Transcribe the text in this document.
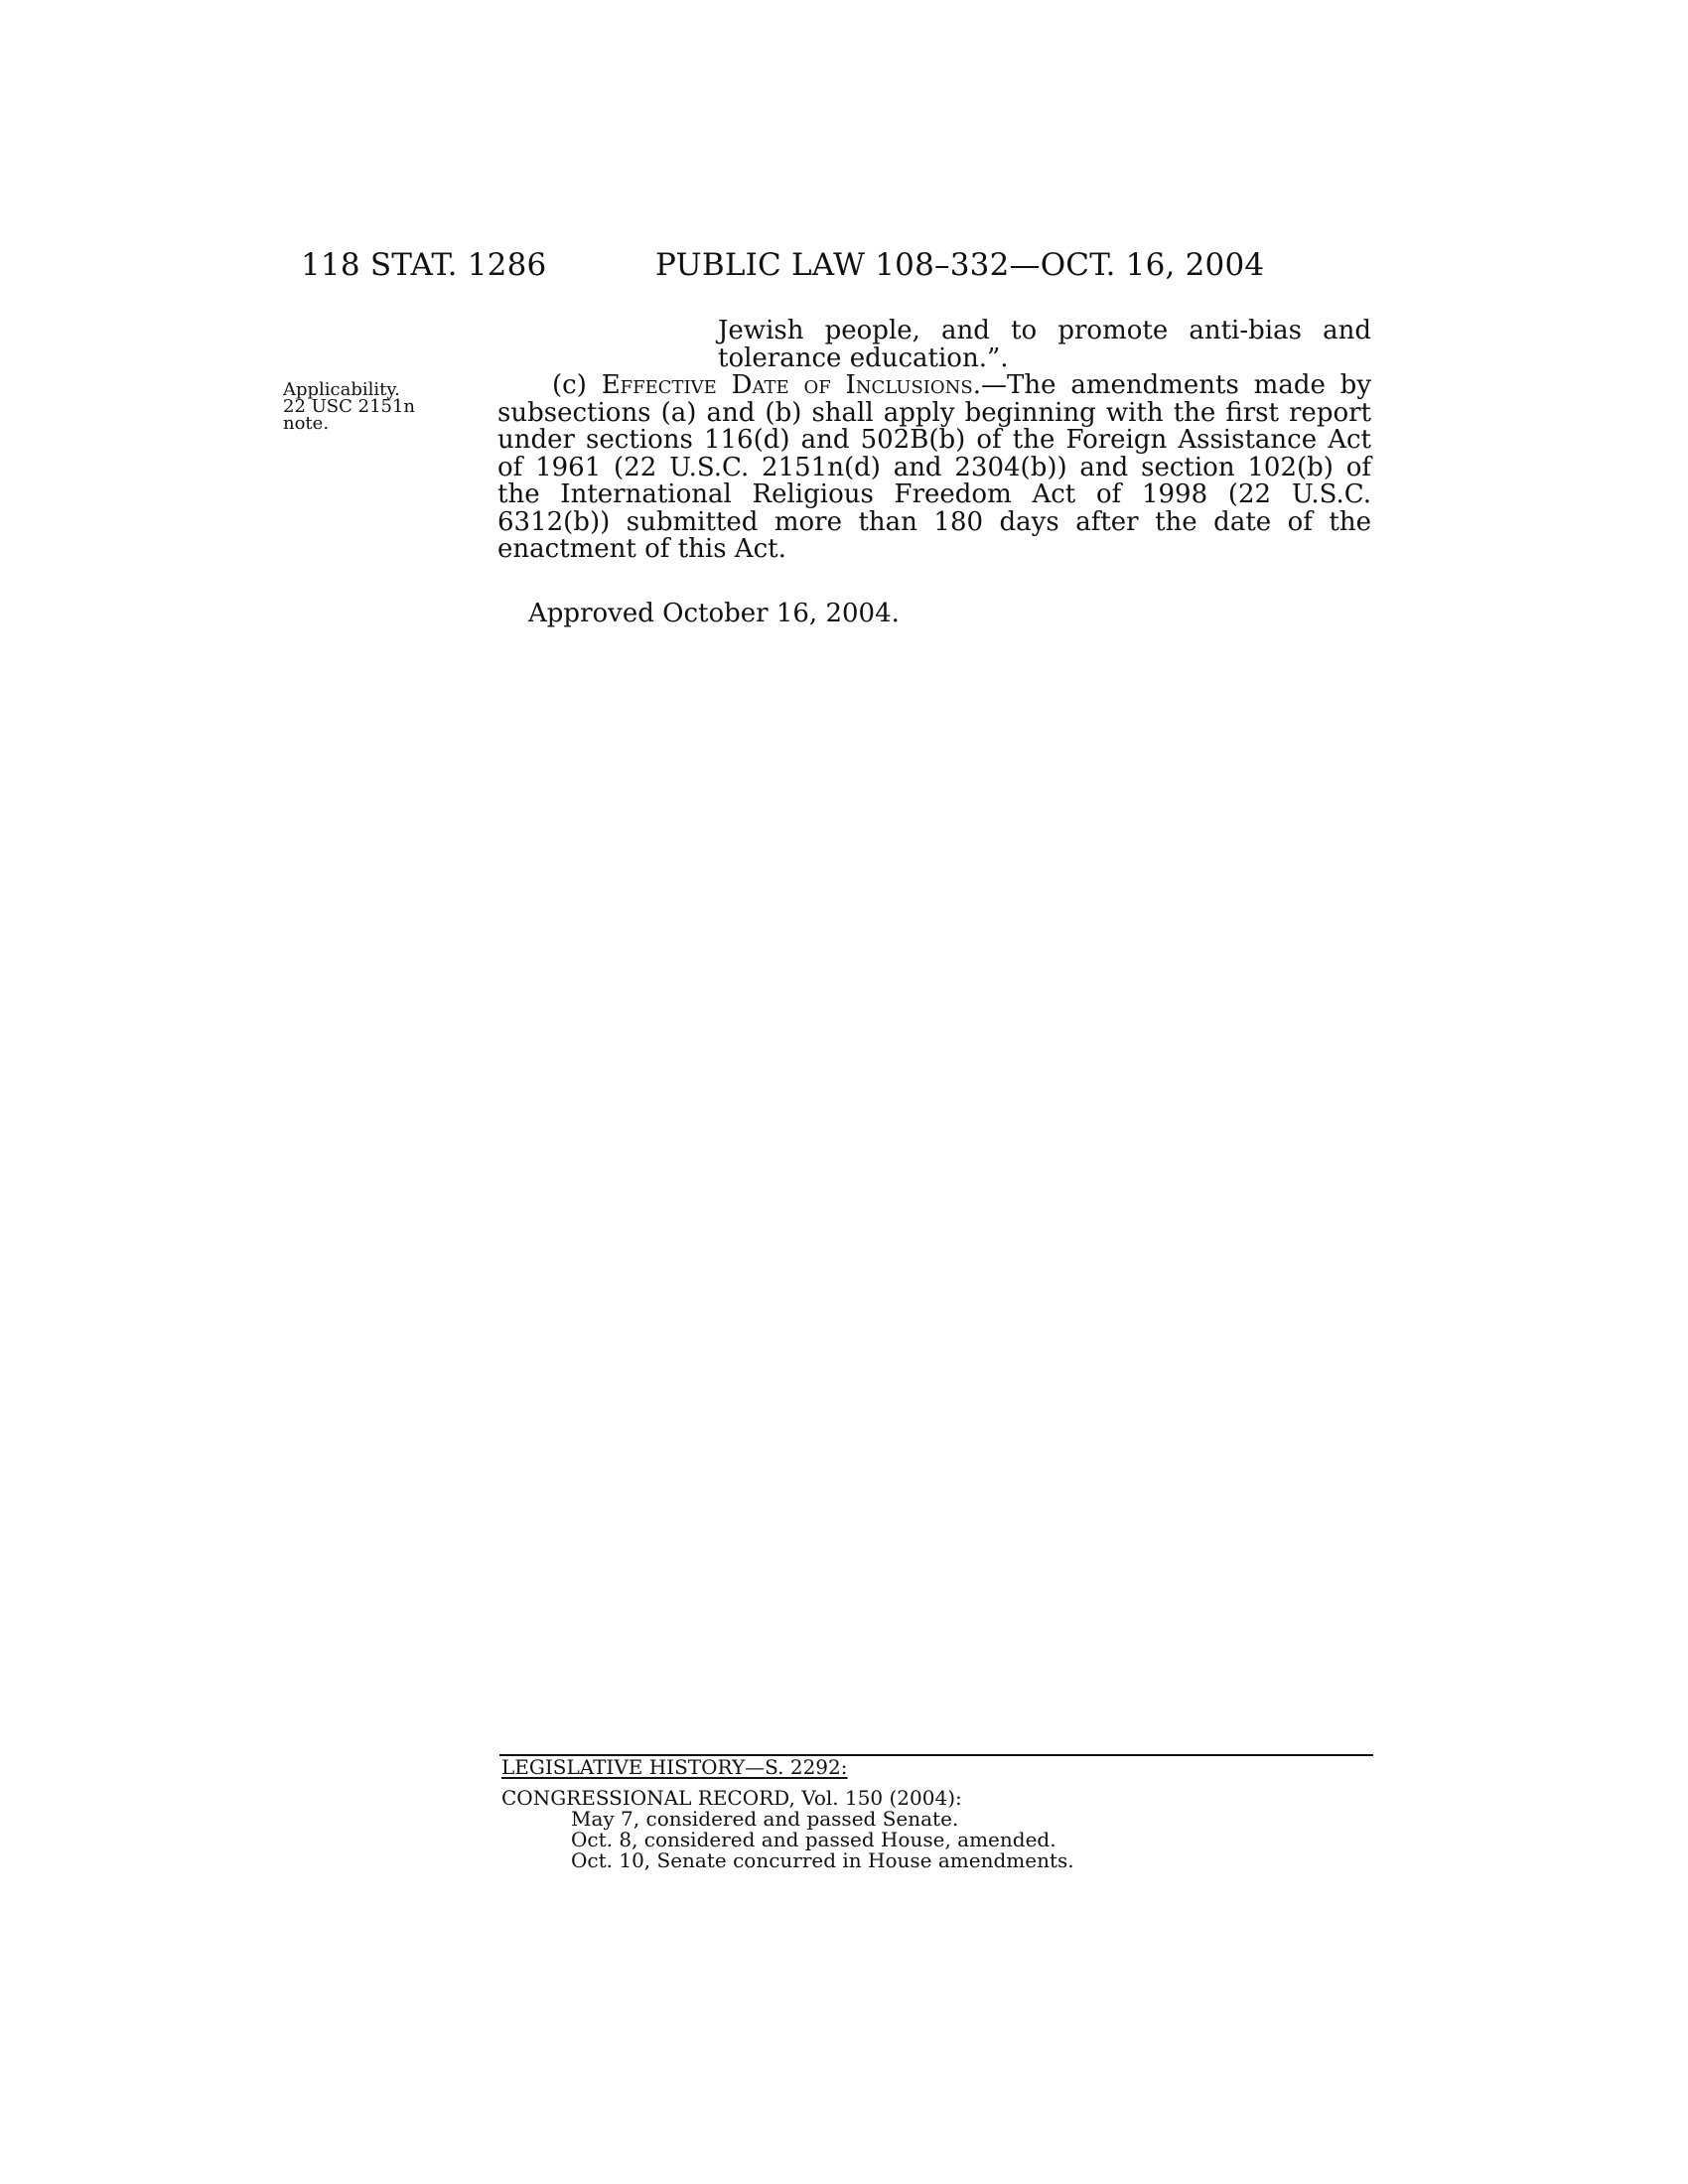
118 STAT. 1286	PUBLIC LAW 108–332—OCT. 16, 2004
Applicability.
22 USC 2151n
note.

Jewish people, and to promote anti-bias and tolerance education.”.

(c) Effective Date of Inclusions.—The amendments made by subsections (a) and (b) shall apply beginning with the first report under sections 116(d) and 502B(b) of the Foreign Assistance Act of 1961 (22 U.S.C. 2151n(d) and 2304(b)) and section 102(b) of the International Religious Freedom Act of 1998 (22 U.S.C. 6312(b)) submitted more than 180 days after the date of the enactment of this Act.

Approved October 16, 2004.
LEGISLATIVE HISTORY—S. 2292:
CONGRESSIONAL RECORD, Vol. 150 (2004):
May 7, considered and passed Senate.
Oct. 8, considered and passed House, amended.
Oct. 10, Senate concurred in House amendments.
